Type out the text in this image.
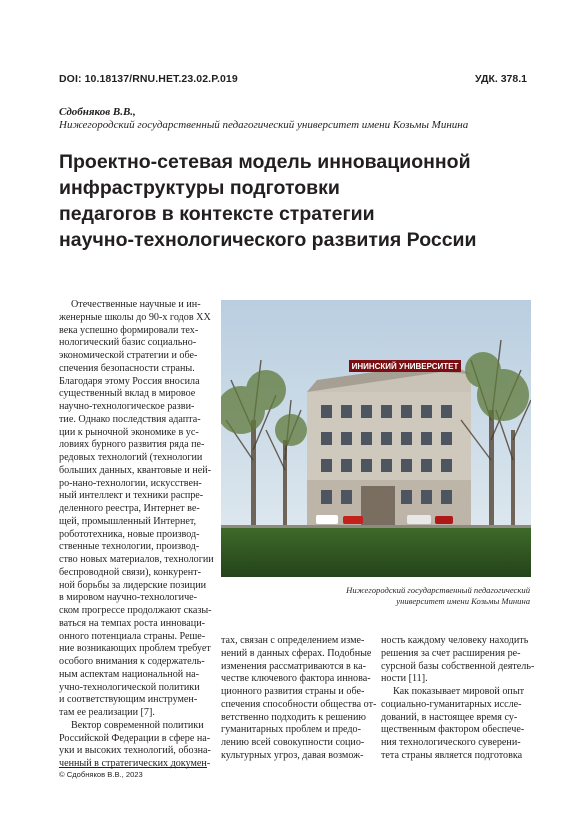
DOI: 10.18137/RNU.HET.23.02.P.019	УДК. 378.1
Сдобняков В.В.,
Нижегородский государственный педагогический университет имени Козьмы Минина
Проектно-сетевая модель инновационной
инфраструктуры подготовки
педагогов в контексте стратегии
научно-технологического развития России
Отечественные научные и ин-
женерные школы до 90-х годов XX
века успешно формировали тех-
нологический базис социально-
экономической стратегии и обе-
спечения безопасности страны.
Благодаря этому Россия вносила
существенный вклад в мировое
научно-технологическое разви-
тие. Однако последствия адапта-
ции к рыночной экономике в ус-
ловиях бурного развития ряда пе-
редовых технологий (технологии
больших данных, квантовые и ней-
ро-нано-технологии, искусствен-
ный интеллект и техники распре-
деленного реестра, Интернет ве-
щей, промышленный Интернет,
робототехника, новые производ-
ственные технологии, производ-
ство новых материалов, технологии
беспроводной связи), конкурент-
ной борьбы за лидерские позиции
в мировом научно-технологиче-
ском прогрессе продолжают сказы-
ваться на темпах роста инноваци-
онного потенциала страны. Реше-
ние возникающих проблем требует
особого внимания к содержатель-
ным аспектам национальной на-
учно-технологической политики
и соответствующим инструмен-
там ее реализации [7].
Вектор современной политики
Российской Федерации в сфере на-
уки и высоких технологий, обозна-
ченный в стратегических докумен-
тах, связан с определением изме-
нений в данных сферах. Подобные
изменения рассматриваются в ка-
честве ключевого фактора иннова-
ционного развития страны и обе-
спечения способности общества от-
ветственно подходить к решению
гуманитарных проблем и предо-
лению всей совокупности социо-
культурных угроз, давая возмож-
ность каждому человеку находить
решения за счет расширения ре-
сурсной базы собственной деятель-
ности [11].
Как показывает мировой опыт
социально-гуманитарных иссле-
дований, в настоящее время су-
щественным фактором обеспече-
ния технологического суверени-
тета страны является подготовка
ИНИНСКИЙ УНИВЕРСИТЕТ
Нижегородский государственный педагогический
университет имени Козьмы Минина
© Сдобняков В.В., 2023
